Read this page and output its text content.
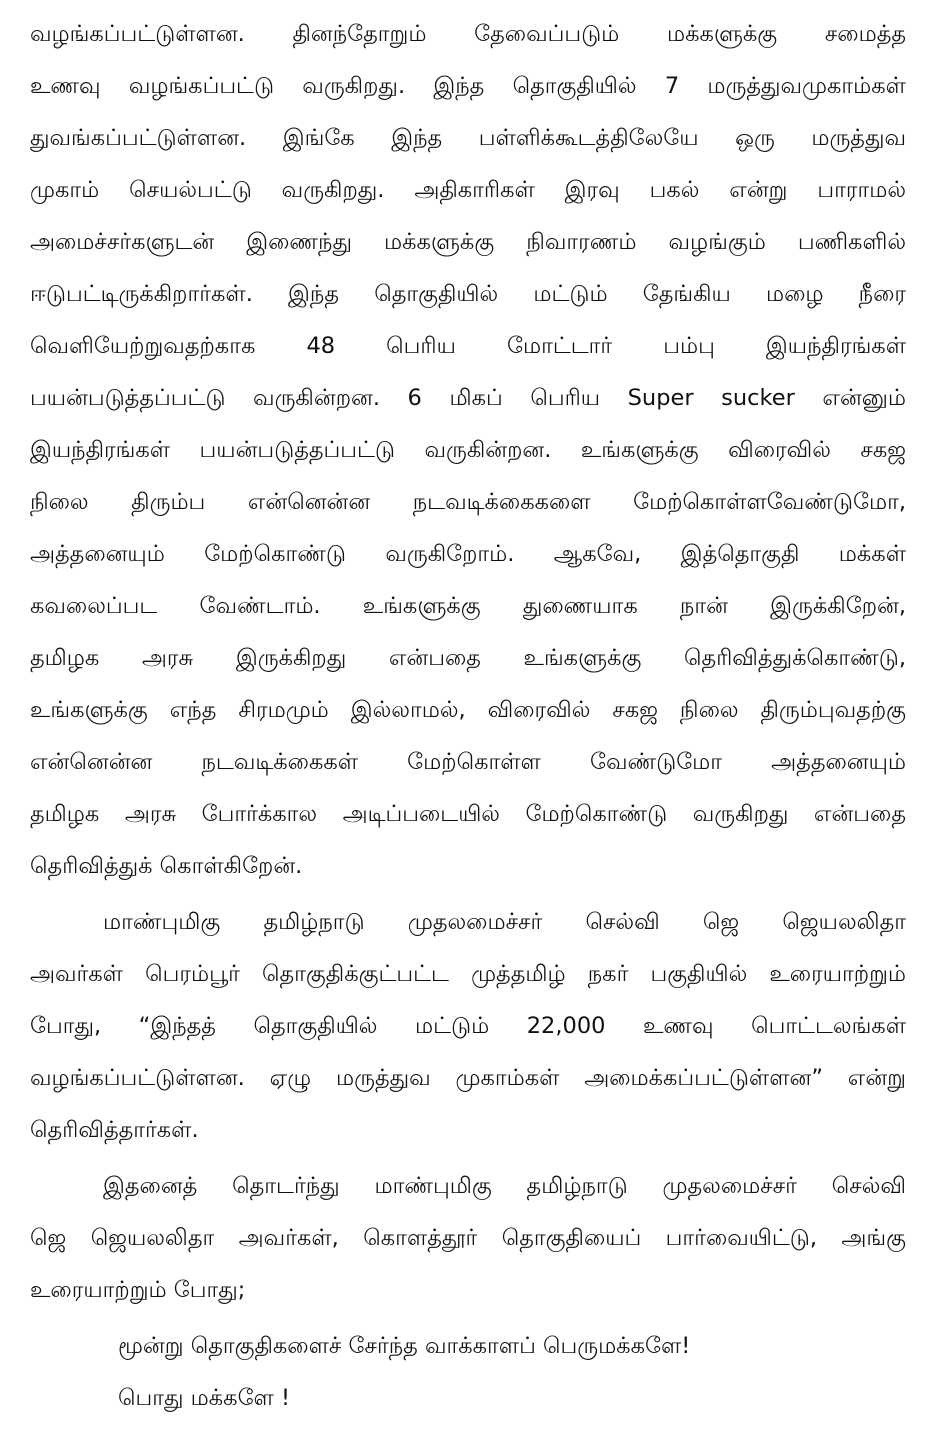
வழங்கப்பட்டுள்ளன. தினந்தோறும் தேவைப்படும் மக்களுக்கு சமைத்த
உணவு வழங்கப்பட்டு வருகிறது. இந்த தொகுதியில் 7 மருத்துவமுகாம்கள்
துவங்கப்பட்டுள்ளன. இங்கே இந்த பள்ளிக்கூடத்திலேயே ஒரு மருத்துவ
முகாம் செயல்பட்டு வருகிறது. அதிகாரிகள் இரவு பகல் என்று பாராமல்
அமைச்சர்களுடன் இணைந்து மக்களுக்கு நிவாரணம் வழங்கும் பணிகளில்
ஈடுபட்டிருக்கிறார்கள். இந்த தொகுதியில் மட்டும் தேங்கிய மழை நீரை
வெளியேற்றுவதற்காக 48 பெரிய மோட்டார் பம்பு இயந்திரங்கள்
பயன்படுத்தப்பட்டு வருகின்றன. 6 மிகப் பெரிய Super sucker என்னும்
இயந்திரங்கள் பயன்படுத்தப்பட்டு வருகின்றன. உங்களுக்கு விரைவில் சகஜ
நிலை திரும்ப என்னென்ன நடவடிக்கைகளை மேற்கொள்ளவேண்டுமோ,
அத்தனையும் மேற்கொண்டு வருகிறோம். ஆகவே, இத்தொகுதி மக்கள்
கவலைப்பட வேண்டாம். உங்களுக்கு துணையாக நான் இருக்கிறேன்,
தமிழக அரசு இருக்கிறது என்பதை உங்களுக்கு தெரிவித்துக்கொண்டு,
உங்களுக்கு எந்த சிரமமும் இல்லாமல், விரைவில் சகஜ நிலை திரும்புவதற்கு
என்னென்ன நடவடிக்கைகள் மேற்கொள்ள வேண்டுமோ அத்தனையும்
தமிழக அரசு போர்க்கால அடிப்படையில் மேற்கொண்டு வருகிறது என்பதை
தெரிவித்துக் கொள்கிறேன்.
மாண்புமிகு தமிழ்நாடு முதலமைச்சர் செல்வி ஜெ ஜெயலலிதா
அவர்கள் பெரம்பூர் தொகுதிக்குட்பட்ட முத்தமிழ் நகர் பகுதியில் உரையாற்றும்
போது, “இந்தத் தொகுதியில் மட்டும் 22,000 உணவு பொட்டலங்கள்
வழங்கப்பட்டுள்ளன. ஏழு மருத்துவ முகாம்கள் அமைக்கப்பட்டுள்ளன” என்று
தெரிவித்தார்கள்.
இதனைத் தொடர்ந்து மாண்புமிகு தமிழ்நாடு முதலமைச்சர் செல்வி
ஜெ ஜெயலலிதா அவர்கள், கொளத்தூர் தொகுதியைப் பார்வையிட்டு, அங்கு
உரையாற்றும் போது;
மூன்று தொகுதிகளைச் சேர்ந்த வாக்காளப் பெருமக்களே!
பொது மக்களே !
